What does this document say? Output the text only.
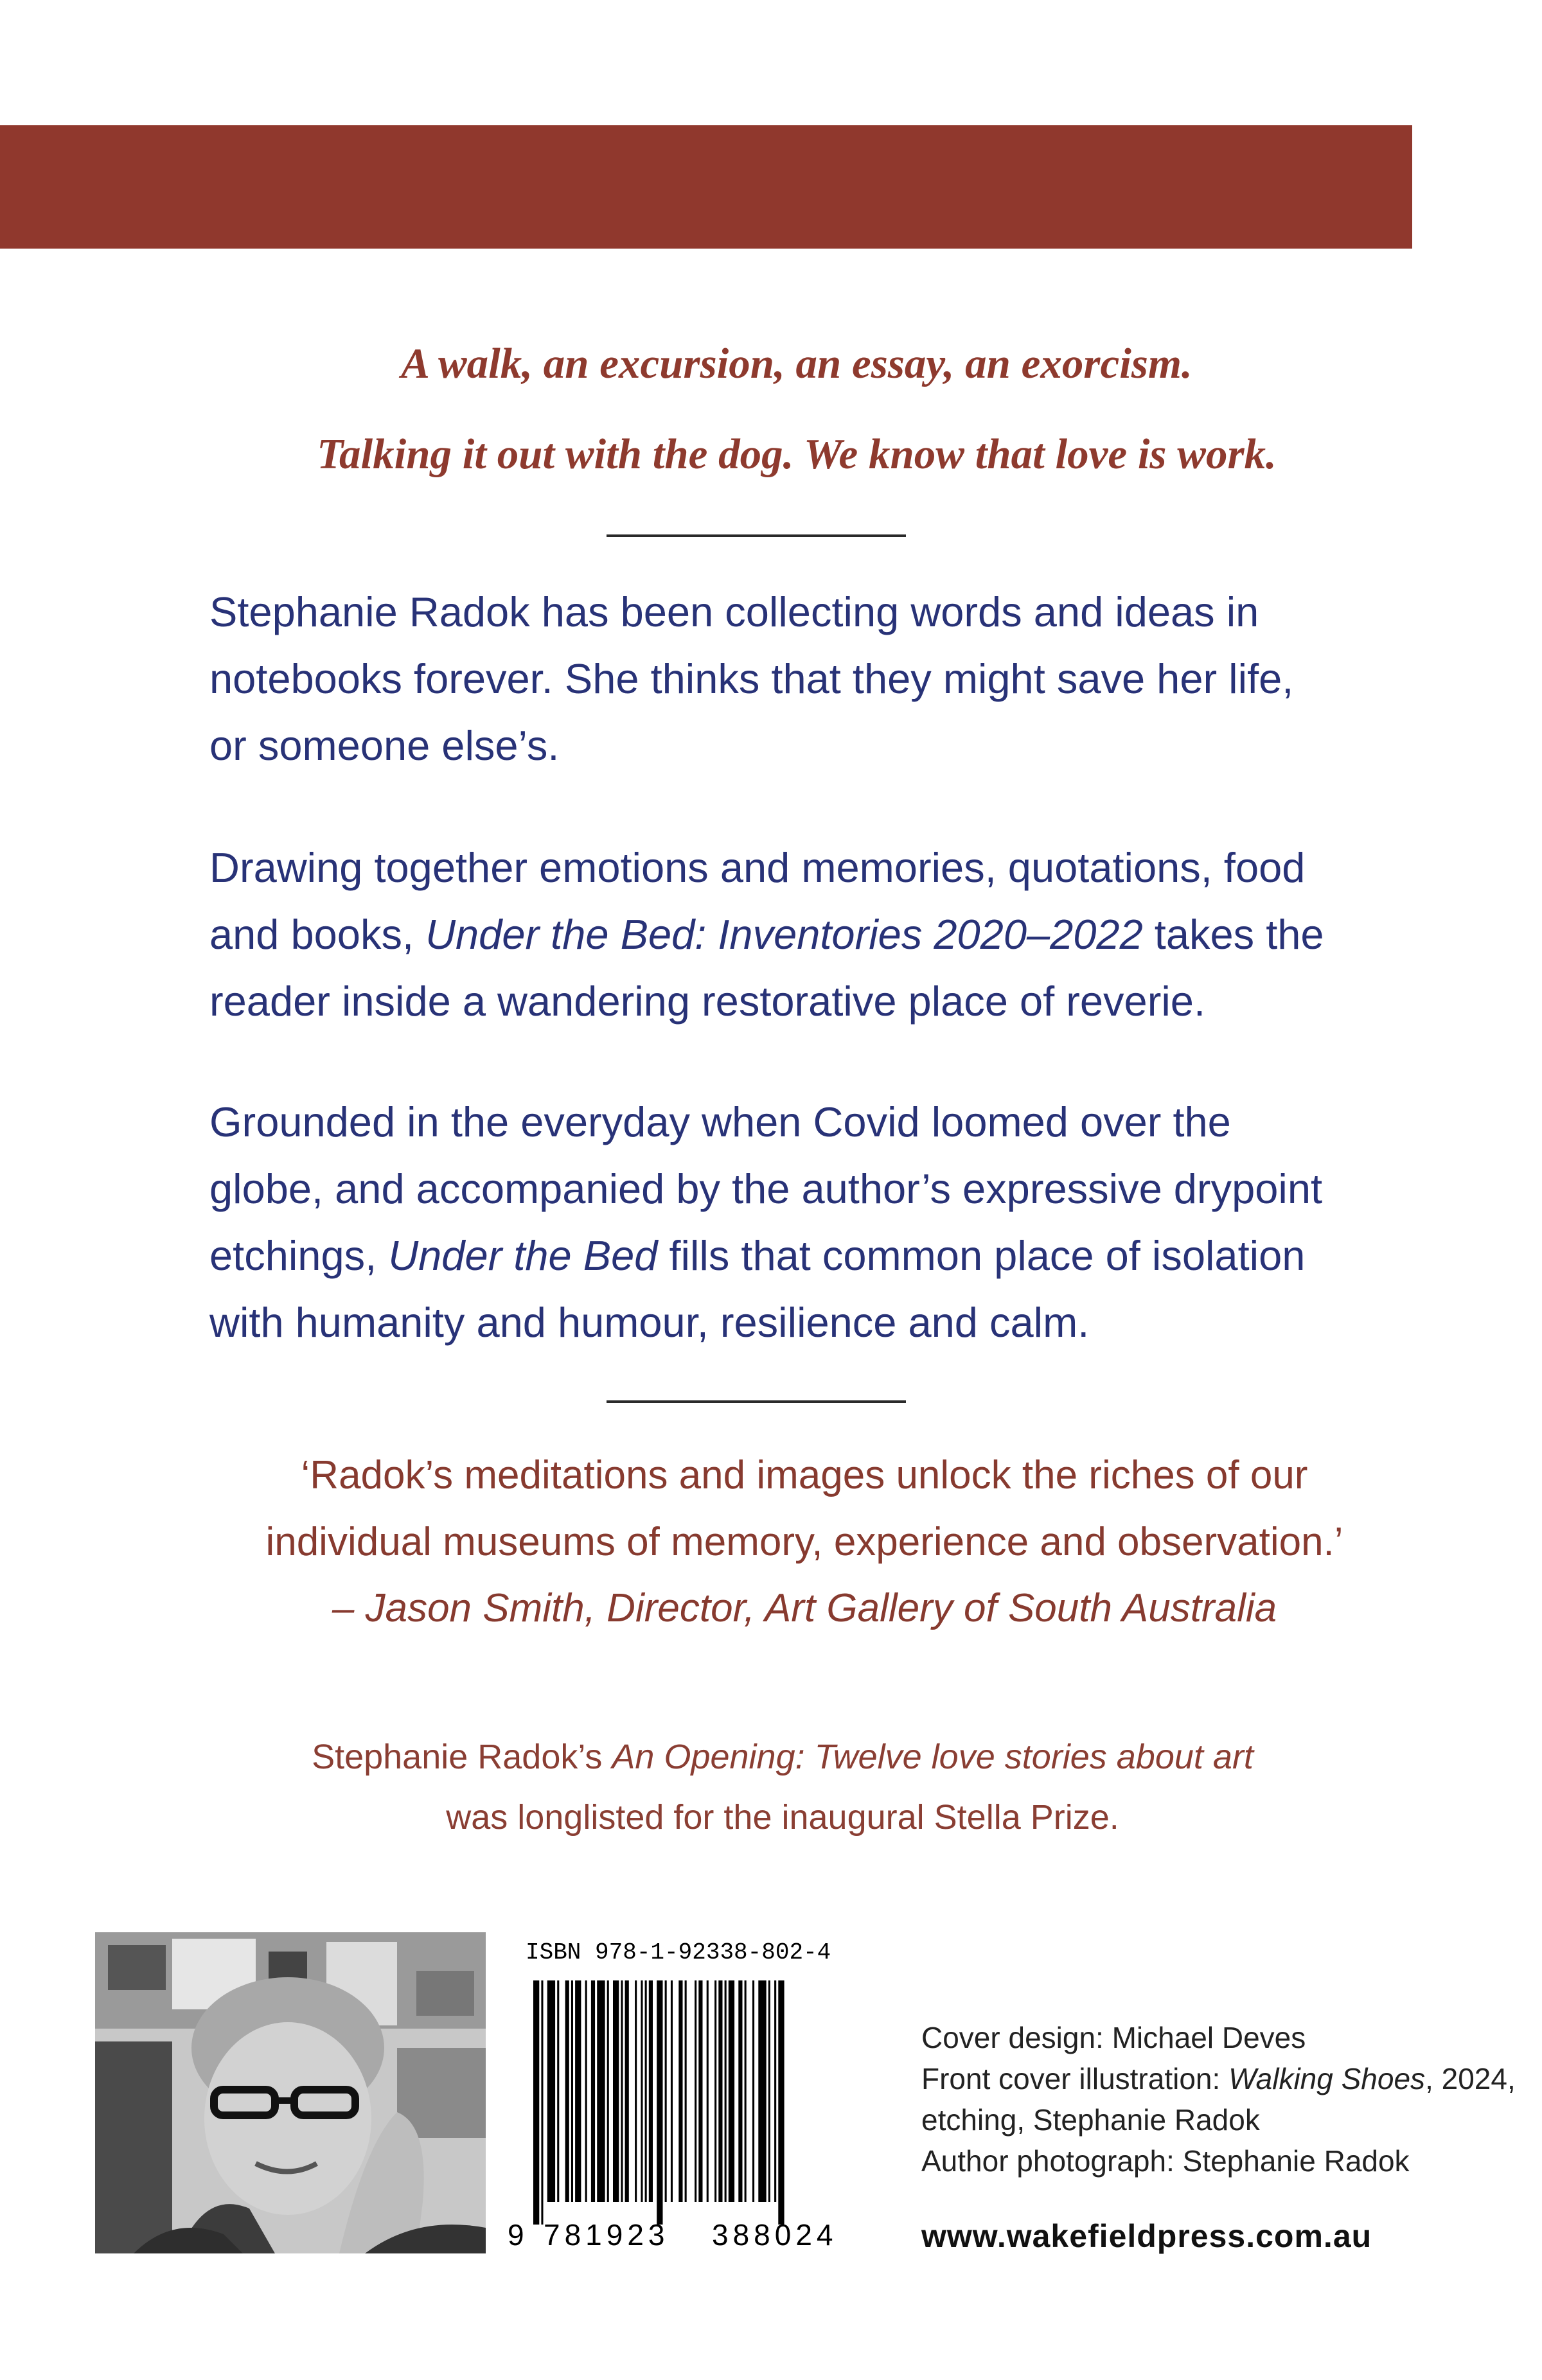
A walk, an excursion, an essay, an exorcism.
Talking it out with the dog. We know that love is work.
Stephanie Radok has been collecting words and ideas in
notebooks forever. She thinks that they might save her life,
or someone else’s.
Drawing together emotions and memories, quotations, food
and books, Under the Bed: Inventories 2020–2022 takes the
reader inside a wandering restorative place of reverie.
Grounded in the everyday when Covid loomed over the
globe, and accompanied by the author’s expressive drypoint
etchings, Under the Bed fills that common place of isolation
with humanity and humour, resilience and calm.
‘Radok’s meditations and images unlock the riches of our
individual museums of memory, experience and observation.’
– Jason Smith, Director, Art Gallery of South Australia
Stephanie Radok’s An Opening: Twelve love stories about art
was longlisted for the inaugural Stella Prize.
ISBN 978-1-92338-802-4
9 781923 388024
Cover design: Michael Deves
Front cover illustration: Walking Shoes, 2024,
etching, Stephanie Radok
Author photograph: Stephanie Radok
www.wakefieldpress.com.au
